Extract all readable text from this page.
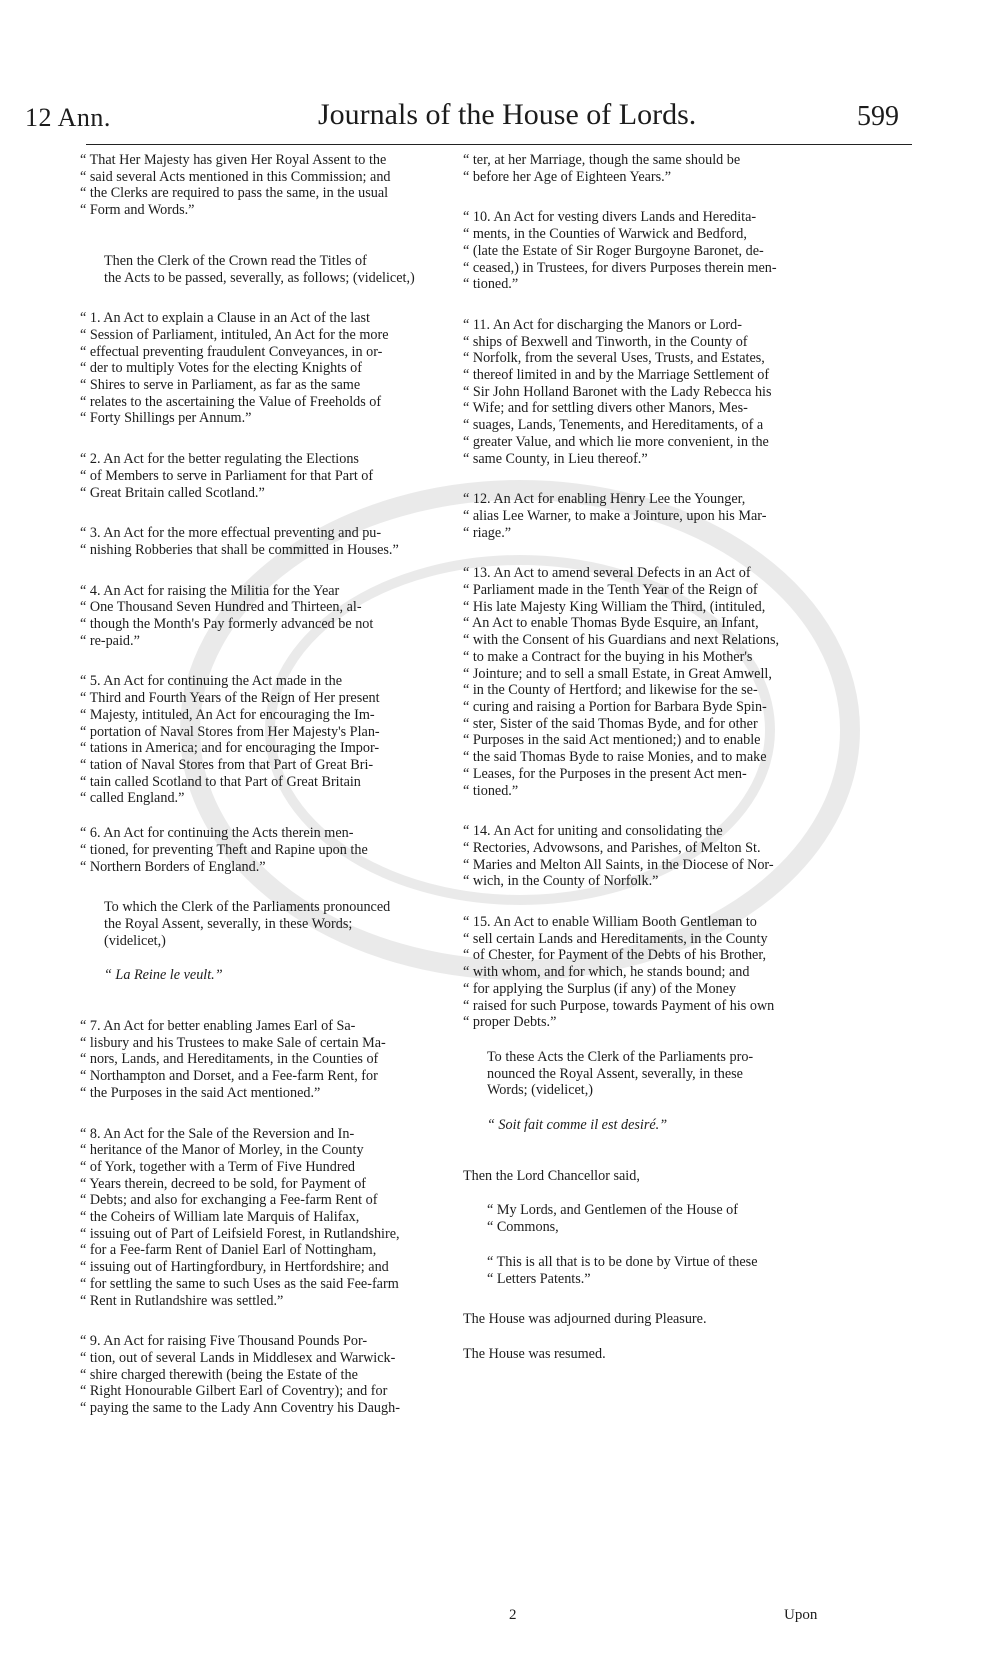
12 Ann.	Journals of the House of Lords.	599

“ That Her Majesty has given Her Royal Assent to the
“ said several Acts mentioned in this Commission; and
“ the Clerks are required to pass the same, in the usual
“ Form and Words.”

Then the Clerk of the Crown read the Titles of
the Acts to be passed, severally, as follows; (videlicet,)

“ 1. An Act to explain a Clause in an Act of the last
“ Session of Parliament, intituled, An Act for the more
“ effectual preventing fraudulent Conveyances, in or-
“ der to multiply Votes for the electing Knights of
“ Shires to serve in Parliament, as far as the same
“ relates to the ascertaining the Value of Freeholds of
“ Forty Shillings per Annum.”

“ 2. An Act for the better regulating the Elections
“ of Members to serve in Parliament for that Part of
“ Great Britain called Scotland.”

“ 3. An Act for the more effectual preventing and pu-
“ nishing Robberies that shall be committed in Houses.”

“ 4. An Act for raising the Militia for the Year
“ One Thousand Seven Hundred and Thirteen, al-
“ though the Month's Pay formerly advanced be not
“ re-paid.”

“ 5. An Act for continuing the Act made in the
“ Third and Fourth Years of the Reign of Her present
“ Majesty, intituled, An Act for encouraging the Im-
“ portation of Naval Stores from Her Majesty's Plan-
“ tations in America; and for encouraging the Impor-
“ tation of Naval Stores from that Part of Great Bri-
“ tain called Scotland to that Part of Great Britain
“ called England.”

“ 6. An Act for continuing the Acts therein men-
“ tioned, for preventing Theft and Rapine upon the
“ Northern Borders of England.”

To which the Clerk of the Parliaments pronounced
the Royal Assent, severally, in these Words;
(videlicet,)

“ La Reine le veult.”

“ 7. An Act for better enabling James Earl of Sa-
“ lisbury and his Trustees to make Sale of certain Ma-
“ nors, Lands, and Hereditaments, in the Counties of
“ Northampton and Dorset, and a Fee-farm Rent, for
“ the Purposes in the said Act mentioned.”

“ 8. An Act for the Sale of the Reversion and In-
“ heritance of the Manor of Morley, in the County
“ of York, together with a Term of Five Hundred
“ Years therein, decreed to be sold, for Payment of
“ Debts; and also for exchanging a Fee-farm Rent of
“ the Coheirs of William late Marquis of Halifax,
“ issuing out of Part of Leifsield Forest, in Rutlandshire,
“ for a Fee-farm Rent of Daniel Earl of Nottingham,
“ issuing out of Hartingfordbury, in Hertfordshire; and
“ for settling the same to such Uses as the said Fee-farm
“ Rent in Rutlandshire was settled.”

“ 9. An Act for raising Five Thousand Pounds Por-
“ tion, out of several Lands in Middlesex and Warwick-
“ shire charged therewith (being the Estate of the
“ Right Honourable Gilbert Earl of Coventry); and for
“ paying the same to the Lady Ann Coventry his Daugh-

“ ter, at her Marriage, though the same should be
“ before her Age of Eighteen Years.”

“ 10. An Act for vesting divers Lands and Heredita-
“ ments, in the Counties of Warwick and Bedford,
“ (late the Estate of Sir Roger Burgoyne Baronet, de-
“ ceased,) in Trustees, for divers Purposes therein men-
“ tioned.”

“ 11. An Act for discharging the Manors or Lord-
“ ships of Bexwell and Tinworth, in the County of
“ Norfolk, from the several Uses, Trusts, and Estates,
“ thereof limited in and by the Marriage Settlement of
“ Sir John Holland Baronet with the Lady Rebecca his
“ Wife; and for settling divers other Manors, Mes-
“ suages, Lands, Tenements, and Hereditaments, of a
“ greater Value, and which lie more convenient, in the
“ same County, in Lieu thereof.”

“ 12. An Act for enabling Henry Lee the Younger,
“ alias Lee Warner, to make a Jointure, upon his Mar-
“ riage.”

“ 13. An Act to amend several Defects in an Act of
“ Parliament made in the Tenth Year of the Reign of
“ His late Majesty King William the Third, (intituled,
“ An Act to enable Thomas Byde Esquire, an Infant,
“ with the Consent of his Guardians and next Relations,
“ to make a Contract for the buying in his Mother's
“ Jointure; and to sell a small Estate, in Great Amwell,
“ in the County of Hertford; and likewise for the se-
“ curing and raising a Portion for Barbara Byde Spin-
“ ster, Sister of the said Thomas Byde, and for other
“ Purposes in the said Act mentioned;) and to enable
“ the said Thomas Byde to raise Monies, and to make
“ Leases, for the Purposes in the present Act men-
“ tioned.”

“ 14. An Act for uniting and consolidating the
“ Rectories, Advowsons, and Parishes, of Melton St.
“ Maries and Melton All Saints, in the Diocese of Nor-
“ wich, in the County of Norfolk.”

“ 15. An Act to enable William Booth Gentleman to
“ sell certain Lands and Hereditaments, in the County
“ of Chester, for Payment of the Debts of his Brother,
“ with whom, and for which, he stands bound; and
“ for applying the Surplus (if any) of the Money
“ raised for such Purpose, towards Payment of his own
“ proper Debts.”

To these Acts the Clerk of the Parliaments pro-
nounced the Royal Assent, severally, in these
Words; (videlicet,)

“ Soit fait comme il est desiré.”

Then the Lord Chancellor said,

“ My Lords, and Gentlemen of the House of
“ Commons,

“ This is all that is to be done by Virtue of these
“ Letters Patents.”

The House was adjourned during Pleasure.

The House was resumed.

2	Upon
